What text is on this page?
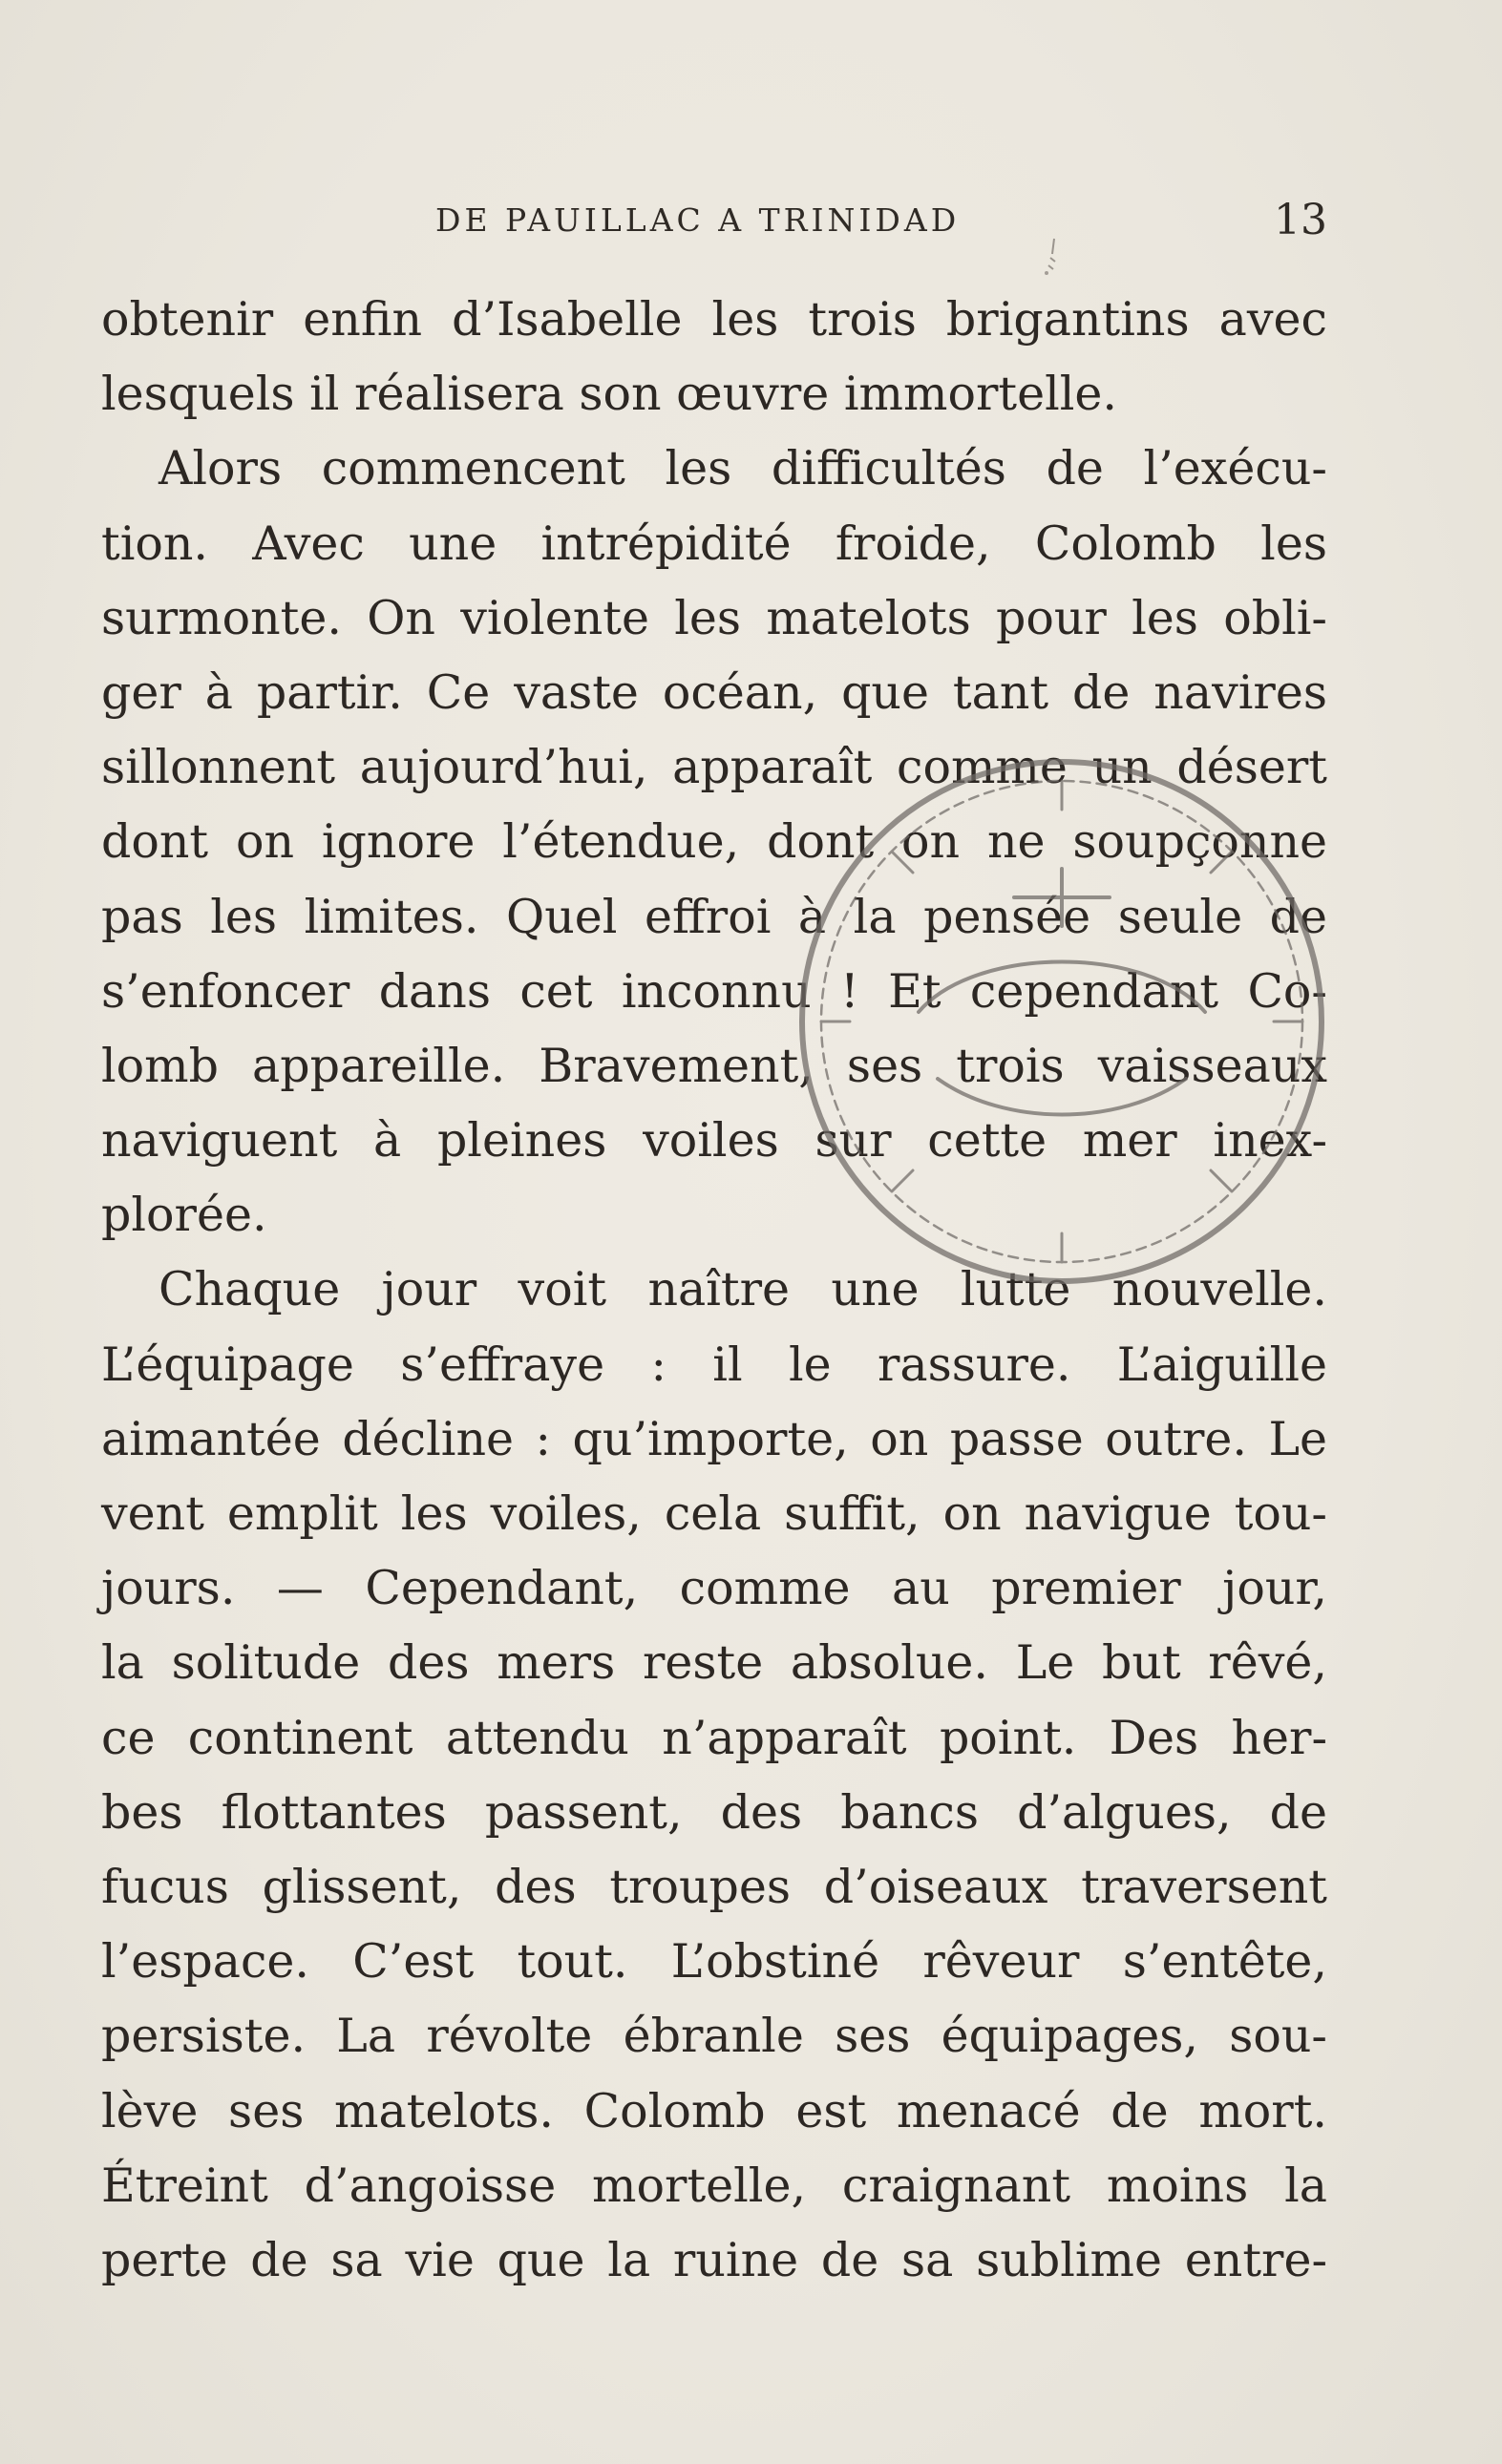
DE PAUILLAC A TRINIDAD	13
obtenir enfin d’Isabelle les trois brigantins avec
lesquels il réalisera son œuvre immortelle.
Alors commencent les difficultés de l’exécu-
tion. Avec une intrépidité froide, Colomb les
surmonte. On violente les matelots pour les obli-
ger à partir. Ce vaste océan, que tant de navires
sillonnent aujourd’hui, apparaît comme un désert
dont on ignore l’étendue, dont on ne soupçonne
pas les limites. Quel effroi à la pensée seule de
s’enfoncer dans cet inconnu ! Et cependant Co-
lomb appareille. Bravement, ses trois vaisseaux
naviguent à pleines voiles sur cette mer inex-
plorée.
Chaque jour voit naître une lutte nouvelle.
L’équipage s’effraye : il le rassure. L’aiguille
aimantée décline : qu’importe, on passe outre. Le
vent emplit les voiles, cela suffit, on navigue tou-
jours. — Cependant, comme au premier jour,
la solitude des mers reste absolue. Le but rêvé,
ce continent attendu n’apparaît point. Des her-
bes flottantes passent, des bancs d’algues, de
fucus glissent, des troupes d’oiseaux traversent
l’espace. C’est tout. L’obstiné rêveur s’entête,
persiste. La révolte ébranle ses équipages, sou-
lève ses matelots. Colomb est menacé de mort.
Étreint d’angoisse mortelle, craignant moins la
perte de sa vie que la ruine de sa sublime entre-
